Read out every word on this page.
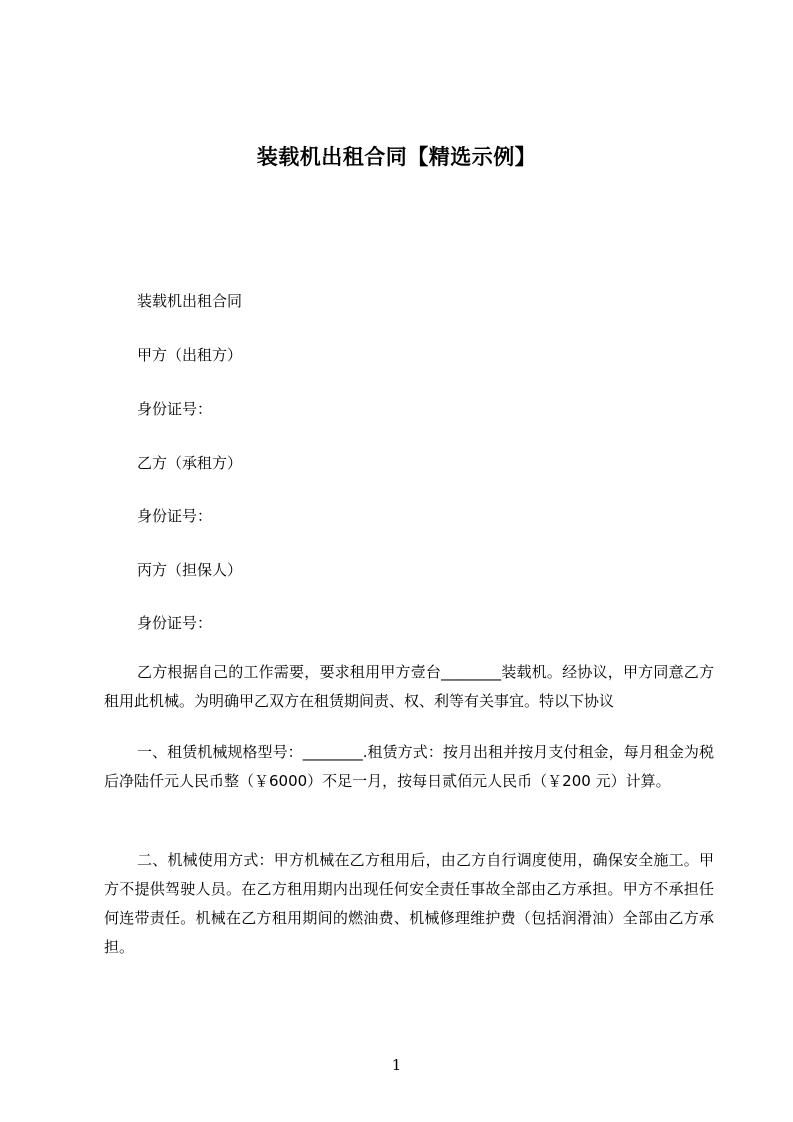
装载机出租合同【精选示例】

装载机出租合同

甲方（出租方）

身份证号：

乙方（承租方）

身份证号：

丙方（担保人）

身份证号：

乙方根据自己的工作需要，要求租用甲方壹台________装载机。经协议，甲方同意乙方租用此机械。为明确甲乙双方在租赁期间责、权、利等有关事宜。特以下协议

一、租赁机械规格型号：________.租赁方式：按月出租并按月支付租金，每月租金为税后净陆仟元人民币整（￥6000）不足一月，按每日贰佰元人民币（￥200 元）计算。

二、机械使用方式：甲方机械在乙方租用后，由乙方自行调度使用，确保安全施工。甲方不提供驾驶人员。在乙方租用期内出现任何安全责任事故全部由乙方承担。甲方不承担任何连带责任。机械在乙方租用期间的燃油费、机械修理维护费（包括润滑油）全部由乙方承担。

1
